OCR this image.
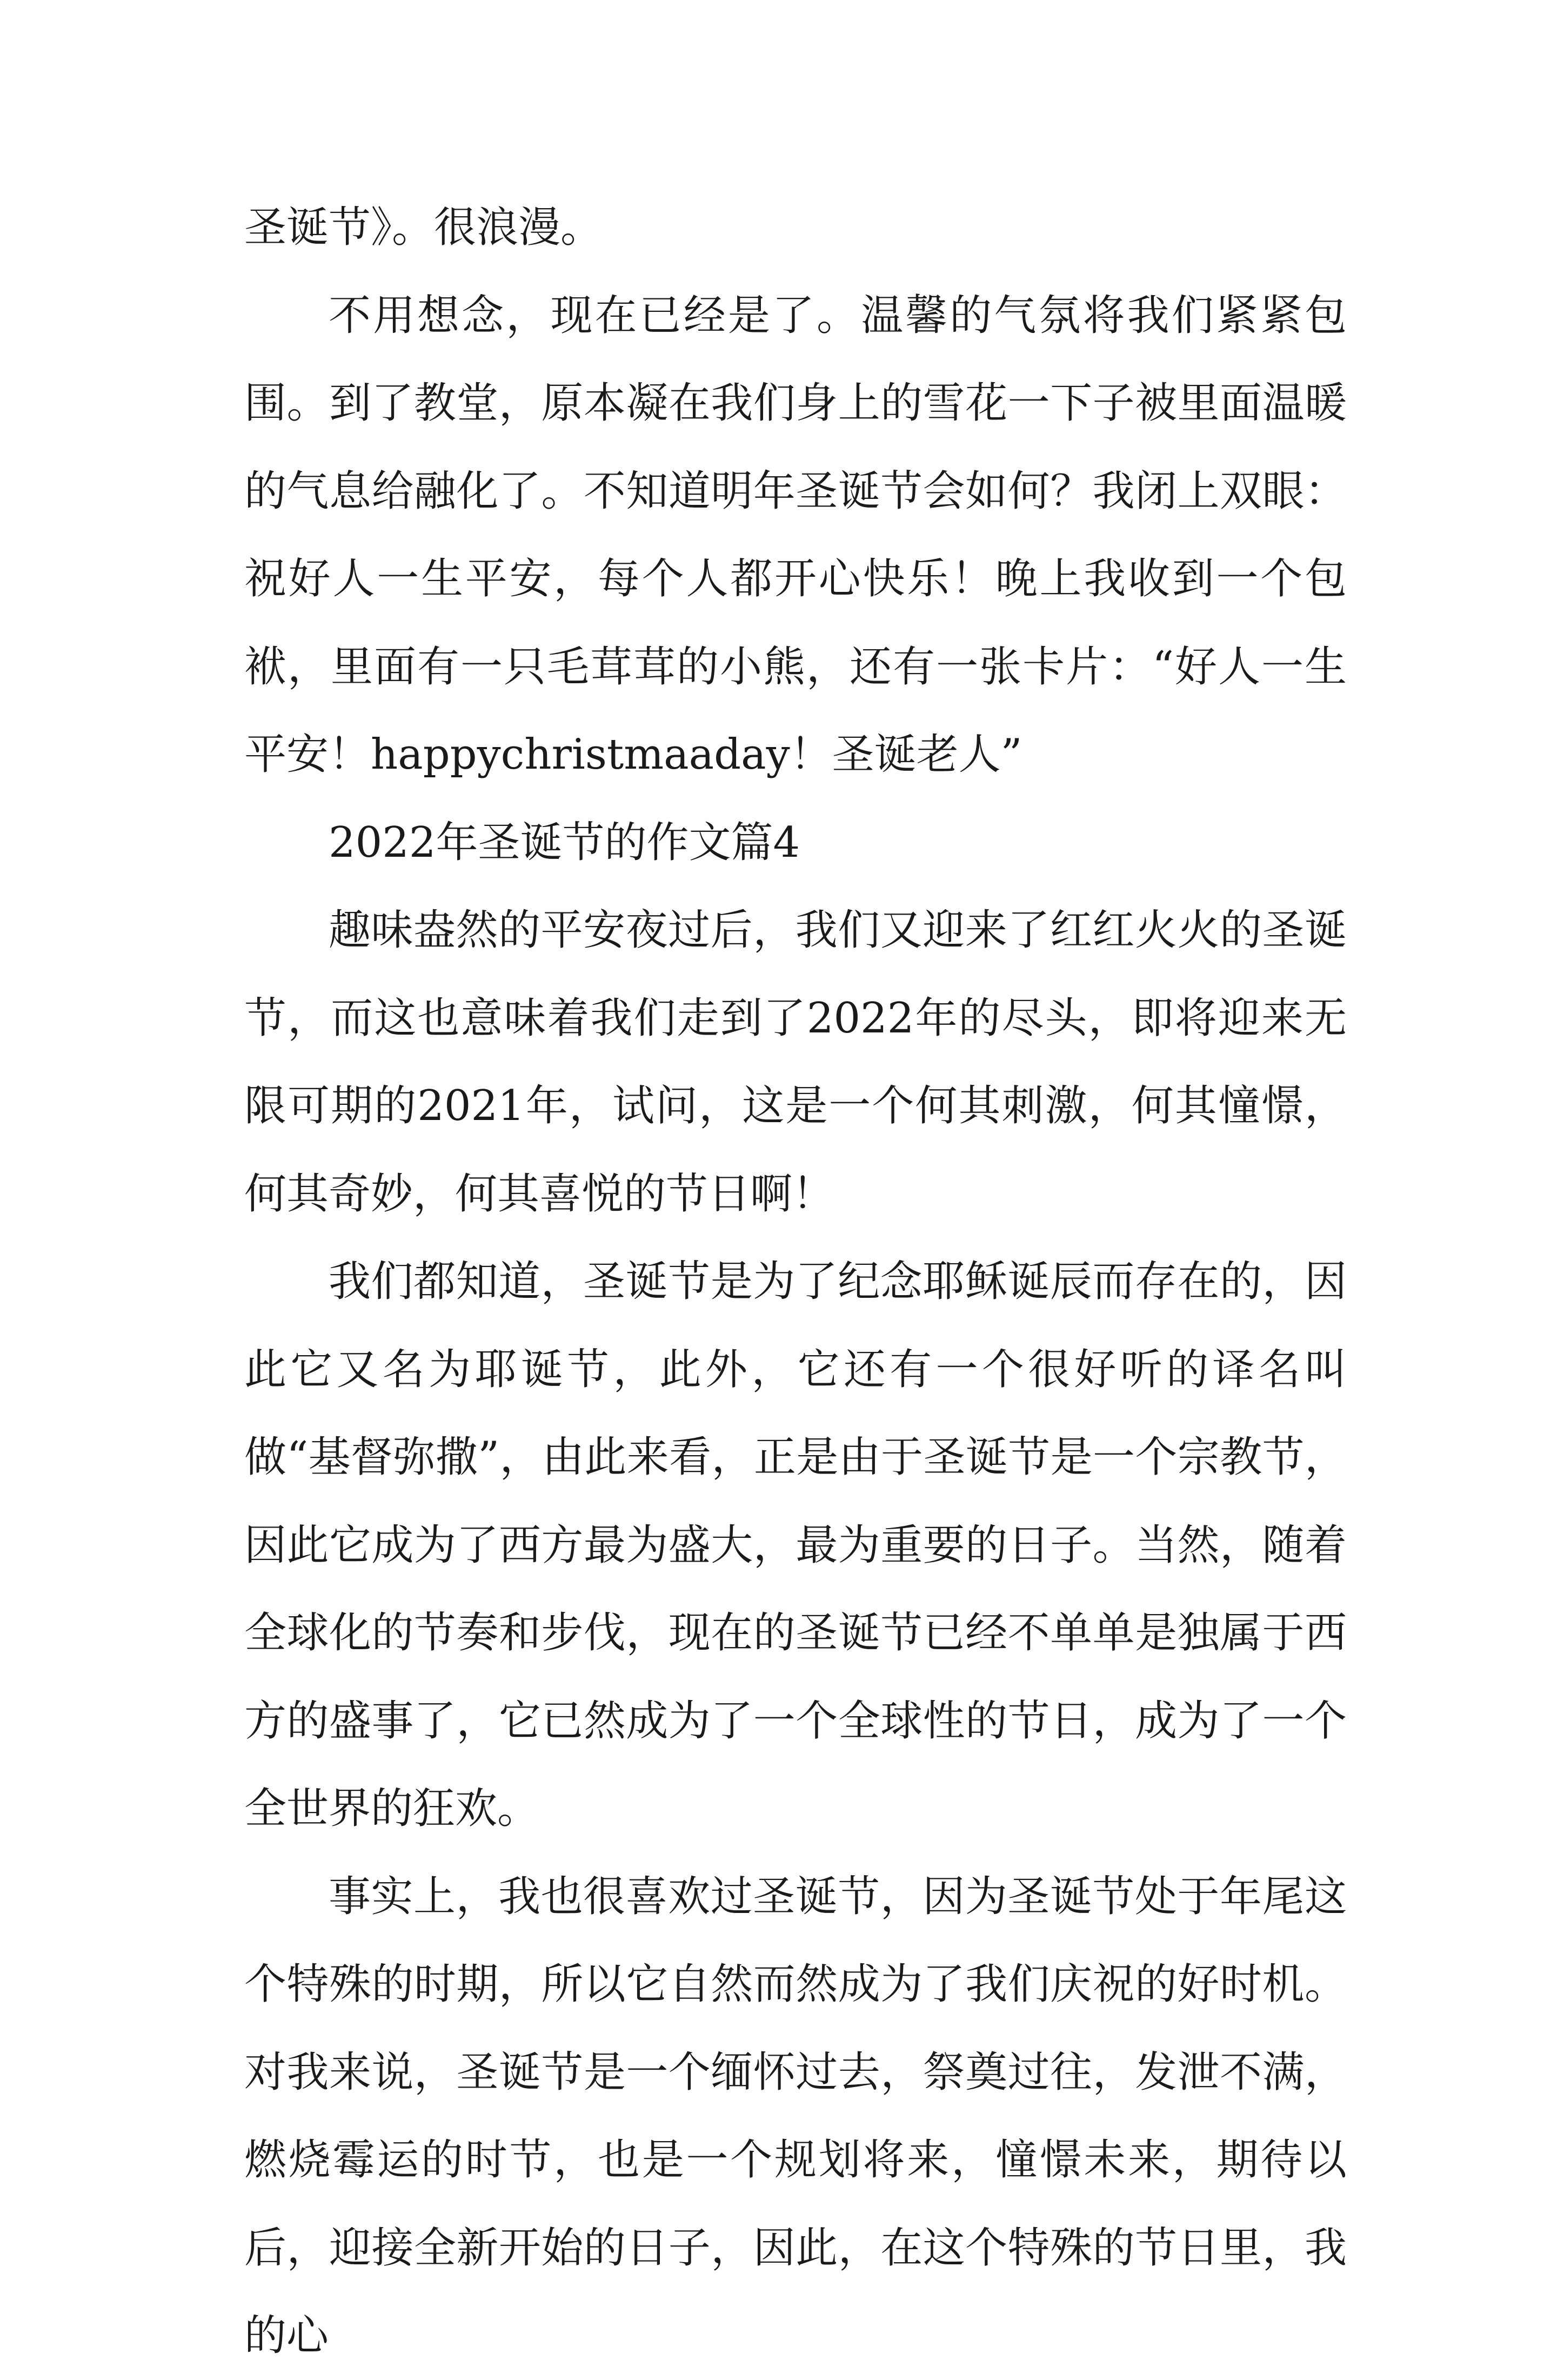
圣诞节》。很浪漫。

不用想念，现在已经是了。温馨的气氛将我们紧紧包围。到了教堂，原本凝在我们身上的雪花一下子被里面温暖的气息给融化了。不知道明年圣诞节会如何？我闭上双眼：祝好人一生平安，每个人都开心快乐！晚上我收到一个包袱，里面有一只毛茸茸的小熊，还有一张卡片：“好人一生平安！happychristmaaday！圣诞老人”

2022年圣诞节的作文篇4

趣味盎然的平安夜过后，我们又迎来了红红火火的圣诞节，而这也意味着我们走到了2022年的尽头，即将迎来无限可期的2021年，试问，这是一个何其刺激，何其憧憬，何其奇妙，何其喜悦的节日啊！

我们都知道，圣诞节是为了纪念耶稣诞辰而存在的，因此它又名为耶诞节，此外，它还有一个很好听的译名叫做“基督弥撒”，由此来看，正是由于圣诞节是一个宗教节，因此它成为了西方最为盛大，最为重要的日子。当然，随着全球化的节奏和步伐，现在的圣诞节已经不单单是独属于西方的盛事了，它已然成为了一个全球性的节日，成为了一个全世界的狂欢。

事实上，我也很喜欢过圣诞节，因为圣诞节处于年尾这个特殊的时期，所以它自然而然成为了我们庆祝的好时机。对我来说，圣诞节是一个缅怀过去，祭奠过往，发泄不满，燃烧霉运的时节，也是一个规划将来，憧憬未来，期待以后，迎接全新开始的日子，因此，在这个特殊的节日里，我的心
